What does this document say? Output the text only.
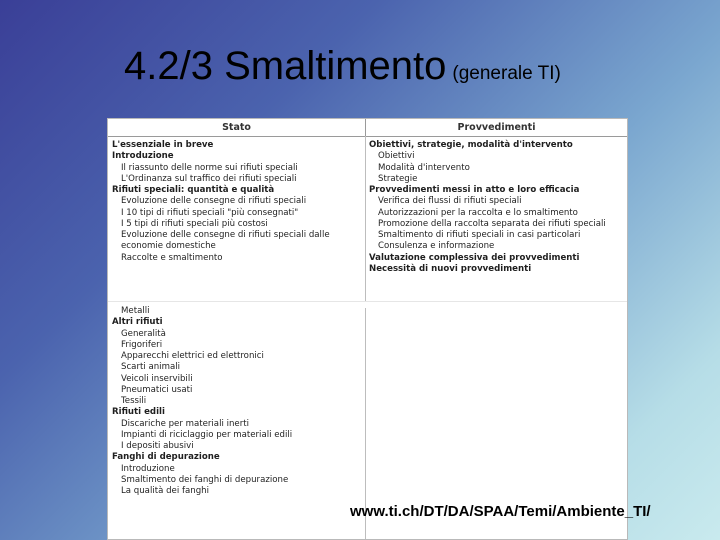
4.2/3 Smaltimento (generale TI)
Stato	Provvedimenti
L'essenziale in breve
Introduzione
Il riassunto delle norme sui rifiuti speciali
L'Ordinanza sul traffico dei rifiuti speciali
Rifiuti speciali: quantità e qualità
Evoluzione delle consegne di rifiuti speciali
I 10 tipi di rifiuti speciali "più consegnati"
I 5 tipi di rifiuti speciali più costosi
Evoluzione delle consegne di rifiuti speciali dalle economie domestiche
Raccolte e smaltimento
Metalli
Altri rifiuti
Generalità
Frigoriferi
Apparecchi elettrici ed elettronici
Scarti animali
Veicoli inservibili
Pneumatici usati
Tessili
Rifiuti edili
Discariche per materiali inerti
Impianti di riciclaggio per materiali edili
I depositi abusivi
Fanghi di depurazione
Introduzione
Smaltimento dei fanghi di depurazione
La qualità dei fanghi
Obiettivi, strategie, modalità d'intervento
Obiettivi
Modalità d'intervento
Strategie
Provvedimenti messi in atto e loro efficacia
Verifica dei flussi di rifiuti speciali
Autorizzazioni per la raccolta e lo smaltimento
Promozione della raccolta separata dei rifiuti speciali
Smaltimento di rifiuti speciali in casi particolari
Consulenza e informazione
Valutazione complessiva dei provvedimenti
Necessità di nuovi provvedimenti
www.ti.ch/DT/DA/SPAA/Temi/Ambiente_TI/
